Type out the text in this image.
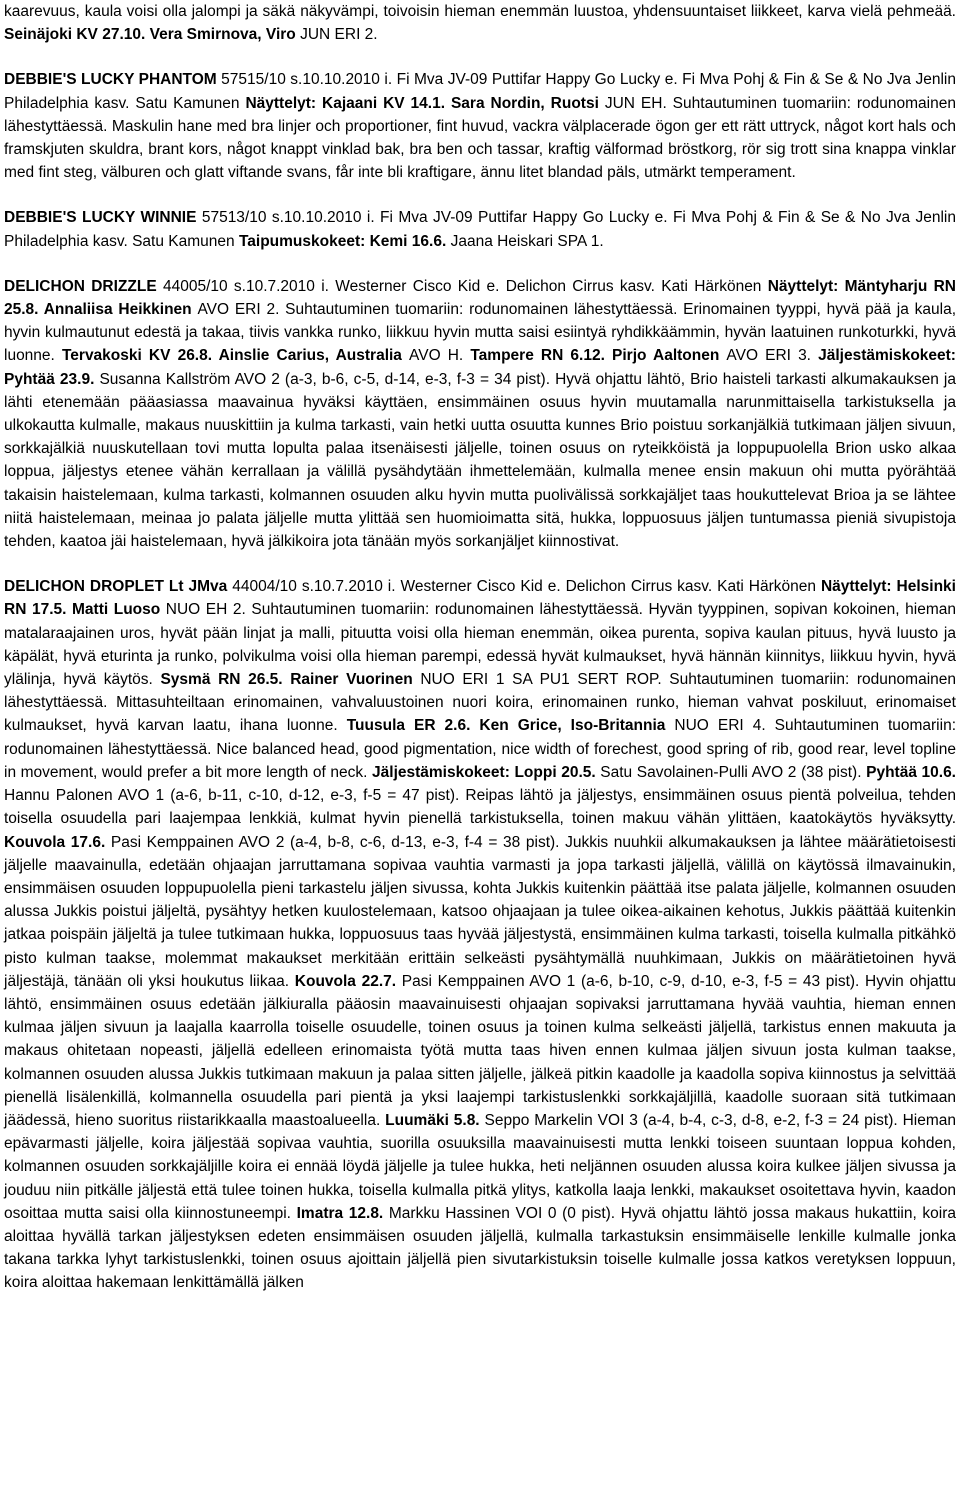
kaarevuus, kaula voisi olla jalompi ja säkä näkyvämpi, toivoisin hieman enemmän luustoa, yhdensuuntaiset liikkeet, karva vielä pehmeää. Seinäjoki KV 27.10. Vera Smirnova, Viro JUN ERI 2.

DEBBIE'S LUCKY PHANTOM 57515/10 s.10.10.2010 i. Fi Mva JV-09 Puttifar Happy Go Lucky e. Fi Mva Pohj & Fin & Se & No Jva Jenlin Philadelphia kasv. Satu Kamunen Näyttelyt: Kajaani KV 14.1. Sara Nordin, Ruotsi JUN EH. Suhtautuminen tuomariin: rodunomainen lähestyttäessä. Maskulin hane med bra linjer och proportioner, fint huvud, vackra välplacerade ögon ger ett rätt uttryck, något kort hals och framskjuten skuldra, brant kors, något knappt vinklad bak, bra ben och tassar, kraftig välformad bröstkorg, rör sig trott sina knappa vinklar med fint steg, välburen och glatt viftande svans, får inte bli kraftigare, ännu litet blandad päls, utmärkt temperament.

DEBBIE'S LUCKY WINNIE 57513/10 s.10.10.2010 i. Fi Mva JV-09 Puttifar Happy Go Lucky e. Fi Mva Pohj & Fin & Se & No Jva Jenlin Philadelphia kasv. Satu Kamunen Taipumuskokeet: Kemi 16.6. Jaana Heiskari SPA 1.

DELICHON DRIZZLE 44005/10 s.10.7.2010 i. Westerner Cisco Kid e. Delichon Cirrus kasv. Kati Härkönen Näyttelyt: Mäntyharju RN 25.8. Annaliisa Heikkinen AVO ERI 2. Suhtautuminen tuomariin: rodunomainen lähestyttäessä. Erinomainen tyyppi, hyvä pää ja kaula, hyvin kulmautunut edestä ja takaa, tiivis vankka runko, liikkuu hyvin mutta saisi esiintyä ryhdikkäämmin, hyvän laatuinen runkoturkki, hyvä luonne. Tervakoski KV 26.8. Ainslie Carius, Australia AVO H. Tampere RN 6.12. Pirjo Aaltonen AVO ERI 3. Jäljestämiskokeet: Pyhtää 23.9. Susanna Kallström AVO 2 (a-3, b-6, c-5, d-14, e-3, f-3 = 34 pist). Hyvä ohjattu lähtö, Brio haisteli tarkasti alkumakauksen ja lähti etenemään pääasiassa maavainua hyväksi käyttäen, ensimmäinen osuus hyvin muutamalla narunmittaisella tarkistuksella ja ulkokautta kulmalle, makaus nuuskittiin ja kulma tarkasti, vain hetki uutta osuutta kunnes Brio poistuu sorkanjälkiä tutkimaan jäljen sivuun, sorkkajälkiä nuuskutellaan tovi mutta lopulta palaa itsenäisesti jäljelle, toinen osuus on ryteikköistä ja loppupuolella Brion usko alkaa loppua, jäljestys etenee vähän kerrallaan ja välillä pysähdytään ihmettelemään, kulmalla menee ensin makuun ohi mutta pyörähtää takaisin haistelemaan, kulma tarkasti, kolmannen osuuden alku hyvin mutta puolivälissä sorkkajäljet taas houkuttelevat Brioa ja se lähtee niitä haistelemaan, meinaa jo palata jäljelle mutta ylittää sen huomioimatta sitä, hukka, loppuosuus jäljen tuntumassa pieniä sivupistoja tehden, kaatoa jäi haistelemaan, hyvä jälkikoira jota tänään myös sorkanjäljet kiinnostivat.

DELICHON DROPLET Lt JMva 44004/10 s.10.7.2010 i. Westerner Cisco Kid e. Delichon Cirrus kasv. Kati Härkönen Näyttelyt: Helsinki RN 17.5. Matti Luoso NUO EH 2. Suhtautuminen tuomariin: rodunomainen lähestyttäessä. Hyvän tyyppinen, sopivan kokoinen, hieman matalaraajainen uros, hyvät pään linjat ja malli, pituutta voisi olla hieman enemmän, oikea purenta, sopiva kaulan pituus, hyvä luusto ja käpälät, hyvä eturinta ja runko, polvikulma voisi olla hieman parempi, edessä hyvät kulmaukset, hyvä hännän kiinnitys, liikkuu hyvin, hyvä ylälinja, hyvä käytös. Sysmä RN 26.5. Rainer Vuorinen NUO ERI 1 SA PU1 SERT ROP. Suhtautuminen tuomariin: rodunomainen lähestyttäessä. Mittasuhteiltaan erinomainen, vahvaluustoinen nuori koira, erinomainen runko, hieman vahvat poskiluut, erinomaiset kulmaukset, hyvä karvan laatu, ihana luonne. Tuusula ER 2.6. Ken Grice, Iso-Britannia NUO ERI 4. Suhtautuminen tuomariin: rodunomainen lähestyttäessä. Nice balanced head, good pigmentation, nice width of forechest, good spring of rib, good rear, level topline in movement, would prefer a bit more length of neck. Jäljestämiskokeet: Loppi 20.5. Satu Savolainen-Pulli AVO 2 (38 pist). Pyhtää 10.6. Hannu Palonen AVO 1 (a-6, b-11, c-10, d-12, e-3, f-5 = 47 pist). Reipas lähtö ja jäljestys, ensimmäinen osuus pientä polveilua, tehden toisella osuudella pari laajempaa lenkkiä, kulmat hyvin pienellä tarkistuksella, toinen makuu vähän ylittäen, kaatokäytös hyväksytty. Kouvola 17.6. Pasi Kemppainen AVO 2 (a-4, b-8, c-6, d-13, e-3, f-4 = 38 pist). Jukkis nuuhkii alkumakauksen ja lähtee määrätietoisesti jäljelle maavainulla, edetään ohjaajan jarruttamana sopivaa vauhtia varmasti ja jopa tarkasti jäljellä, välillä on käytössä ilmavainukin, ensimmäisen osuuden loppupuolella pieni tarkastelu jäljen sivussa, kohta Jukkis kuitenkin päättää itse palata jäljelle, kolmannen osuuden alussa Jukkis poistui jäljeltä, pysähtyy hetken kuulostelemaan, katsoo ohjaajaan ja tulee oikea-aikainen kehotus, Jukkis päättää kuitenkin jatkaa poispäin jäljeltä ja tulee tutkimaan hukka, loppuosuus taas hyvää jäljestystä, ensimmäinen kulma tarkasti, toisella kulmalla pitkähkö pisto kulman taakse, molemmat makaukset merkitään erittäin selkeästi pysähtymällä nuuhkimaan, Jukkis on määrätietoinen hyvä jäljestäjä, tänään oli yksi houkutus liikaa. Kouvola 22.7. Pasi Kemppainen AVO 1 (a-6, b-10, c-9, d-10, e-3, f-5 = 43 pist). Hyvin ohjattu lähtö, ensimmäinen osuus edetään jälkiuralla pääosin maavainuisesti ohjaajan sopivaksi jarruttamana hyvää vauhtia, hieman ennen kulmaa jäljen sivuun ja laajalla kaarrolla toiselle osuudelle, toinen osuus ja toinen kulma selkeästi jäljellä, tarkistus ennen makuuta ja makaus ohitetaan nopeasti, jäljellä edelleen erinomaista työtä mutta taas hiven ennen kulmaa jäljen sivuun josta kulman taakse, kolmannen osuuden alussa Jukkis tutkimaan makuun ja palaa sitten jäljelle, jälkeä pitkin kaadolle ja kaadolla sopiva kiinnostus ja selvittää pienellä lisälenkillä, kolmannella osuudella pari pientä ja yksi laajempi tarkistuslenkki sorkkajäljillä, kaadolle suoraan sitä tutkimaan jäädessä, hieno suoritus riistarikkaalla maastoalueella. Luumäki 5.8. Seppo Markelin VOI 3 (a-4, b-4, c-3, d-8, e-2, f-3 = 24 pist). Hieman epävarmasti jäljelle, koira jäljestää sopivaa vauhtia, suorilla osuuksilla maavainuisesti mutta lenkki toiseen suuntaan loppua kohden, kolmannen osuuden sorkkajäljille koira ei ennää löydä jäljelle ja tulee hukka, heti neljännen osuuden alussa koira kulkee jäljen sivussa ja jouduu niin pitkälle jäljestä että tulee toinen hukka, toisella kulmalla pitkä ylitys, katkolla laaja lenkki, makaukset osoitettava hyvin, kaadon osoittaa mutta saisi olla kiinnostuneempi. Imatra 12.8. Markku Hassinen VOI 0 (0 pist). Hyvä ohjattu lähtö jossa makaus hukattiin, koira aloittaa hyvällä tarkan jäljestyksen edeten ensimmäisen osuuden jäljellä, kulmalla tarkastuksin ensimmäiselle lenkille kulmalle jonka takana tarkka lyhyt tarkistuslenkki, toinen osuus ajoittain jäljellä pien sivutarkistuksin toiselle kulmalle jossa katkos veretyksen loppuun, koira aloittaa hakemaan lenkittämällä jälken
